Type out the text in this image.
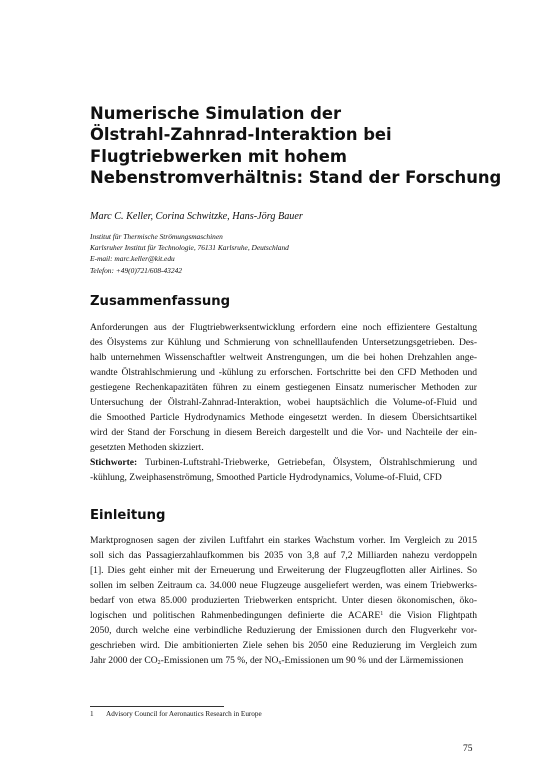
Numerische Simulation der
Ölstrahl-Zahnrad-Interaktion bei
Flugtriebwerken mit hohem
Nebenstromverhältnis: Stand der Forschung
Marc C. Keller, Corina Schwitzke, Hans-Jörg Bauer
Institut für Thermische Strömungsmaschinen
Karlsruher Institut für Technologie, 76131 Karlsruhe, Deutschland
E-mail: marc.keller@kit.edu
Telefon: +49(0)721/608-43242
Zusammenfassung
Anforderungen aus der Flugtriebwerksentwicklung erfordern eine noch effizientere Gestaltung
des Ölsystems zur Kühlung und Schmierung von schnelllaufenden Untersetzungsgetrieben. Des-
halb unternehmen Wissenschaftler weltweit Anstrengungen, um die bei hohen Drehzahlen ange-
wandte Ölstrahlschmierung und -kühlung zu erforschen. Fortschritte bei den CFD Methoden und
gestiegene Rechenkapazitäten führen zu einem gestiegenen Einsatz numerischer Methoden zur
Untersuchung der Ölstrahl-Zahnrad-Interaktion, wobei hauptsächlich die Volume-of-Fluid und
die Smoothed Particle Hydrodynamics Methode eingesetzt werden. In diesem Übersichtsartikel
wird der Stand der Forschung in diesem Bereich dargestellt und die Vor- und Nachteile der ein-
gesetzten Methoden skizziert.
Stichworte: Turbinen-Luftstrahl-Triebwerke, Getriebefan, Ölsystem, Ölstrahlschmierung und
-kühlung, Zweiphasenströmung, Smoothed Particle Hydrodynamics, Volume-of-Fluid, CFD
Einleitung
Marktprognosen sagen der zivilen Luftfahrt ein starkes Wachstum vorher. Im Vergleich zu 2015
soll sich das Passagierzahlaufkommen bis 2035 von 3,8 auf 7,2 Milliarden nahezu verdoppeln
[1]. Dies geht einher mit der Erneuerung und Erweiterung der Flugzeugflotten aller Airlines. So
sollen im selben Zeitraum ca. 34.000 neue Flugzeuge ausgeliefert werden, was einem Triebwerks-
bedarf von etwa 85.000 produzierten Triebwerken entspricht. Unter diesen ökonomischen, öko-
logischen und politischen Rahmenbedingungen definierte die ACARE$^1$ die Vision Flightpath
2050, durch welche eine verbindliche Reduzierung der Emissionen durch den Flugverkehr vor-
geschrieben wird. Die ambitionierten Ziele sehen bis 2050 eine Reduzierung im Vergleich zum
Jahr 2000 der $CO_2$-Emissionen um 75 %, der $NO_x$-Emissionen um 90 % und der Lärmemissionen
1 Advisory Council for Aeronautics Research in Europe
75
